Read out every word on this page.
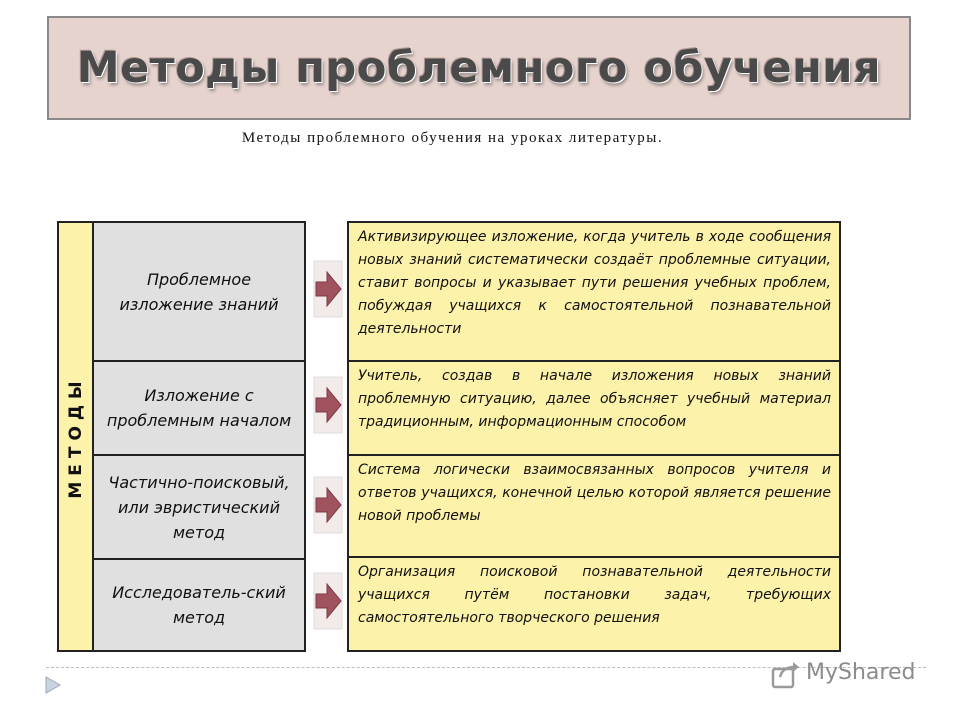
Методы проблемного обучения
Методы проблемного обучения на уроках литературы.
МЕТОДЫ
Проблемное изложение знаний
Активизирующее изложение, когда учитель в ходе сообщения новых знаний систематически создаёт проблемные ситуации, ставит вопросы и указывает пути решения учебных проблем, побуждая учащихся к самостоятельной познавательной деятельности
Изложение с проблемным началом
Учитель, создав в начале изложения новых знаний проблемную ситуацию, далее объясняет учебный материал традиционным, информационным способом
Частично-поисковый, или эвристический метод
Система логически взаимосвязанных вопросов учителя и ответов учащихся, конечной целью которой является решение новой проблемы
Исследователь-ский метод
Организация поисковой познавательной деятельности учащихся путём постановки задач, требующих самостоятельного творческого решения
MyShared
